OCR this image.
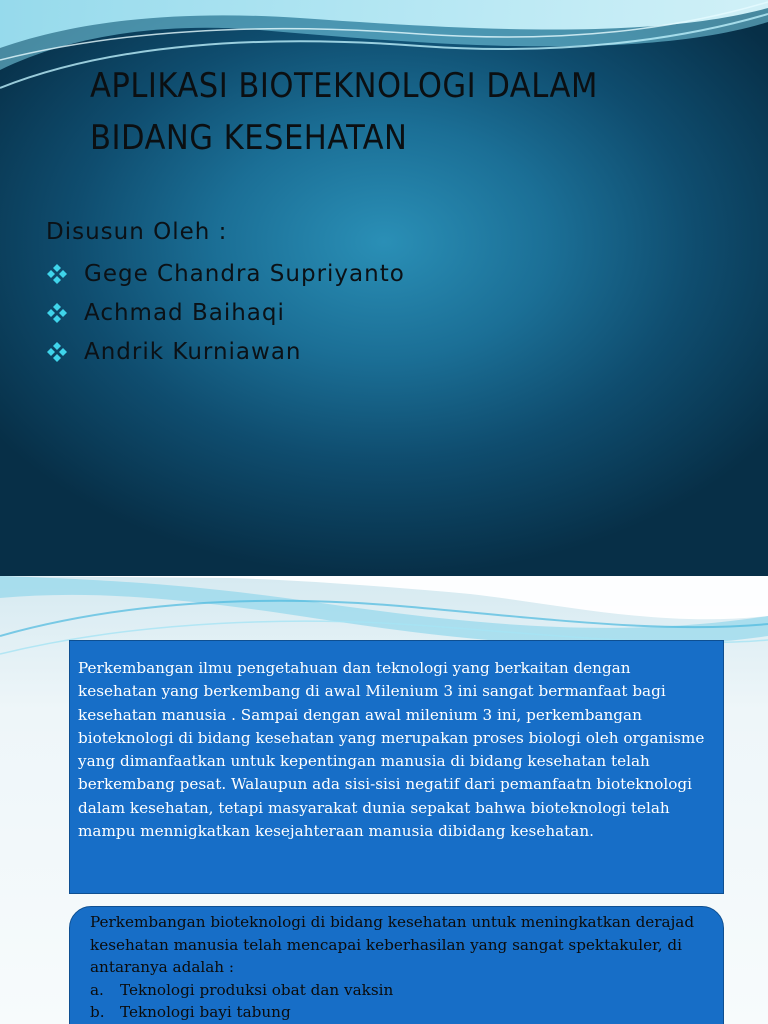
APLIKASI BIOTEKNOLOGI DALAM
BIDANG KESEHATAN
Disusun Oleh :
Gege Chandra Supriyanto
Achmad Baihaqi
Andrik Kurniawan
Perkembangan ilmu pengetahuan dan teknologi yang berkaitan dengan kesehatan yang berkembang di awal Milenium 3 ini sangat bermanfaat bagi kesehatan manusia . Sampai dengan awal milenium 3 ini, perkembangan bioteknologi di bidang kesehatan yang merupakan proses biologi oleh organisme yang dimanfaatkan untuk kepentingan manusia di bidang kesehatan telah berkembang pesat. Walaupun ada sisi-sisi negatif dari pemanfaatn bioteknologi dalam kesehatan, tetapi masyarakat dunia sepakat bahwa bioteknologi telah mampu mennigkatkan kesejahteraan manusia dibidang kesehatan.
Perkembangan bioteknologi di bidang kesehatan untuk meningkatkan derajad kesehatan manusia telah mencapai keberhasilan yang sangat spektakuler, di antaranya adalah :
a.	Teknologi produksi obat dan vaksin
b.	Teknologi bayi tabung
